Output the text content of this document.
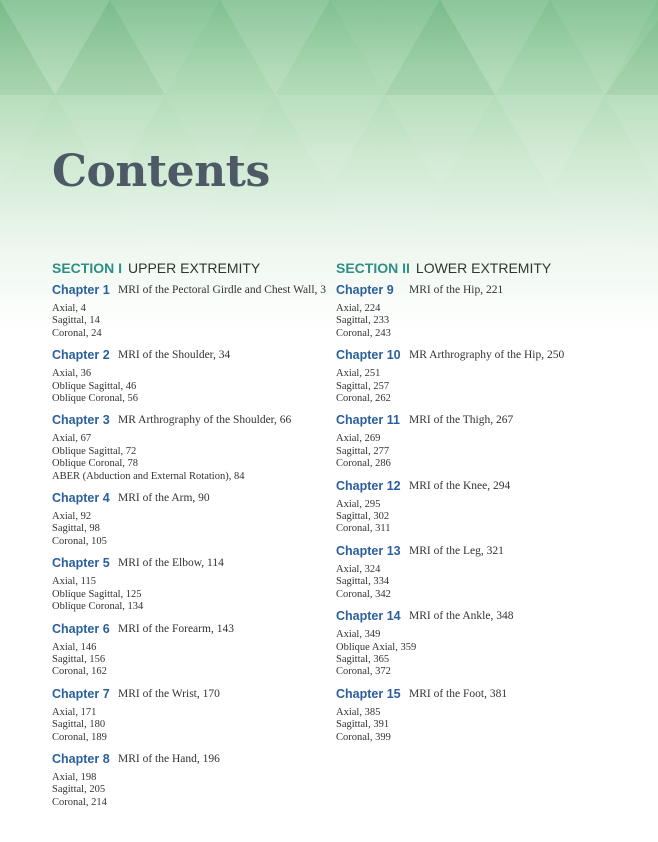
Contents
SECTION I UPPER EXTREMITY
Chapter 1 MRI of the Pectoral Girdle and Chest Wall, 3
Axial, 4
Sagittal, 14
Coronal, 24
Chapter 2 MRI of the Shoulder, 34
Axial, 36
Oblique Sagittal, 46
Oblique Coronal, 56
Chapter 3 MR Arthrography of the Shoulder, 66
Axial, 67
Oblique Sagittal, 72
Oblique Coronal, 78
ABER (Abduction and External Rotation), 84
Chapter 4 MRI of the Arm, 90
Axial, 92
Sagittal, 98
Coronal, 105
Chapter 5 MRI of the Elbow, 114
Axial, 115
Oblique Sagittal, 125
Oblique Coronal, 134
Chapter 6 MRI of the Forearm, 143
Axial, 146
Sagittal, 156
Coronal, 162
Chapter 7 MRI of the Wrist, 170
Axial, 171
Sagittal, 180
Coronal, 189
Chapter 8 MRI of the Hand, 196
Axial, 198
Sagittal, 205
Coronal, 214
SECTION II LOWER EXTREMITY
Chapter 9	MRI of the Hip, 221
Axial, 224
Sagittal, 233
Coronal, 243
Chapter 10 MR Arthrography of the Hip, 250
Axial, 251
Sagittal, 257
Coronal, 262
Chapter 11 MRI of the Thigh, 267
Axial, 269
Sagittal, 277
Coronal, 286
Chapter 12 MRI of the Knee, 294
Axial, 295
Sagittal, 302
Coronal, 311
Chapter 13 MRI of the Leg, 321
Axial, 324
Sagittal, 334
Coronal, 342
Chapter 14 MRI of the Ankle, 348
Axial, 349
Oblique Axial, 359
Sagittal, 365
Coronal, 372
Chapter 15 MRI of the Foot, 381
Axial, 385
Sagittal, 391
Coronal, 399
